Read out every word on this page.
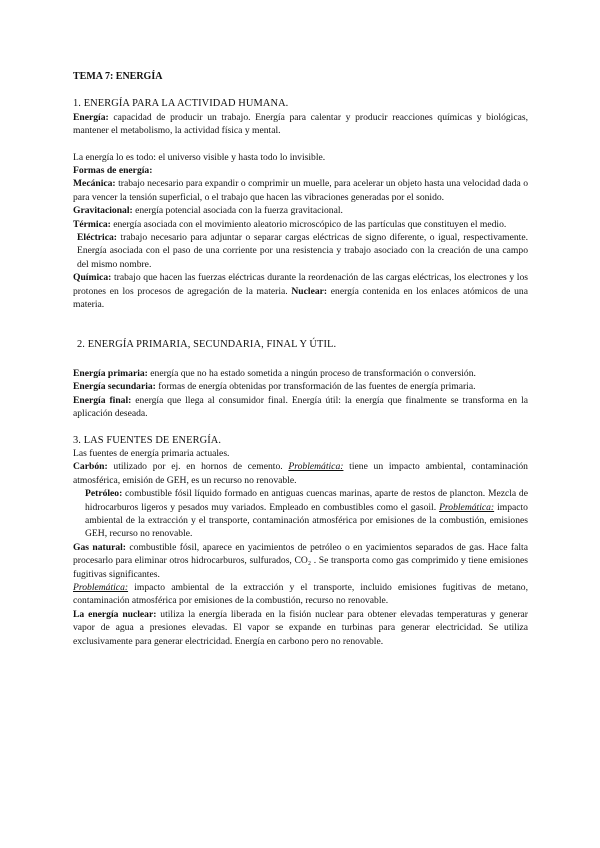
TEMA 7: ENERGÍA

1. ENERGÍA PARA LA ACTIVIDAD HUMANA.

Energía: capacidad de producir un trabajo. Energía para calentar y producir reacciones químicas y biológicas, mantener el metabolismo, la actividad física y mental.

La energía lo es todo: el universo visible y hasta todo lo invisible.

Formas de energía:

Mecánica: trabajo necesario para expandir o comprimir un muelle, para acelerar un objeto hasta una velocidad dada o para vencer la tensión superficial, o el trabajo que hacen las vibraciones generadas por el sonido.

Gravitacional: energía potencial asociada con la fuerza gravitacional.

Térmica: energía asociada con el movimiento aleatorio microscópico de las partículas que constituyen el medio.

Eléctrica: trabajo necesario para adjuntar o separar cargas eléctricas de signo diferente, o igual, respectivamente. Energía asociada con el paso de una corriente por una resistencia y trabajo asociado con la creación de una campo del mismo nombre.

Química: trabajo que hacen las fuerzas eléctricas durante la reordenación de las cargas eléctricas, los electrones y los protones en los procesos de agregación de la materia. Nuclear: energía contenida en los enlaces atómicos de una materia.

2. ENERGÍA PRIMARIA, SECUNDARIA, FINAL Y ÚTIL.

Energía primaria: energía que no ha estado sometida a ningún proceso de transformación o conversión.

Energía secundaria: formas de energía obtenidas por transformación de las fuentes de energía primaria.

Energía final: energía que llega al consumidor final. Energía útil: la energía que finalmente se transforma en la aplicación deseada.

3. LAS FUENTES DE ENERGÍA.

Las fuentes de energía primaria actuales.

Carbón: utilizado por ej. en hornos de cemento. Problemática: tiene un impacto ambiental, contaminación atmosférica, emisión de GEH, es un recurso no renovable.

Petróleo: combustible fósil líquido formado en antiguas cuencas marinas, aparte de restos de plancton. Mezcla de hidrocarburos ligeros y pesados muy variados. Empleado en combustibles como el gasoil. Problemática: impacto ambiental de la extracción y el transporte, contaminación atmosférica por emisiones de la combustión, emisiones GEH, recurso no renovable.

Gas natural: combustible fósil, aparece en yacimientos de petróleo o en yacimientos separados de gas. Hace falta procesarlo para eliminar otros hidrocarburos, sulfurados, CO₂ . Se transporta como gas comprimido y tiene emisiones fugitivas significantes.

Problemática: impacto ambiental de la extracción y el transporte, incluido emisiones fugitivas de metano, contaminación atmosférica por emisiones de la combustión, recurso no renovable.

La energía nuclear: utiliza la energía liberada en la fisión nuclear para obtener elevadas temperaturas y generar vapor de agua a presiones elevadas. El vapor se expande en turbinas para generar electricidad. Se utiliza exclusivamente para generar electricidad. Energía en carbono pero no renovable.
